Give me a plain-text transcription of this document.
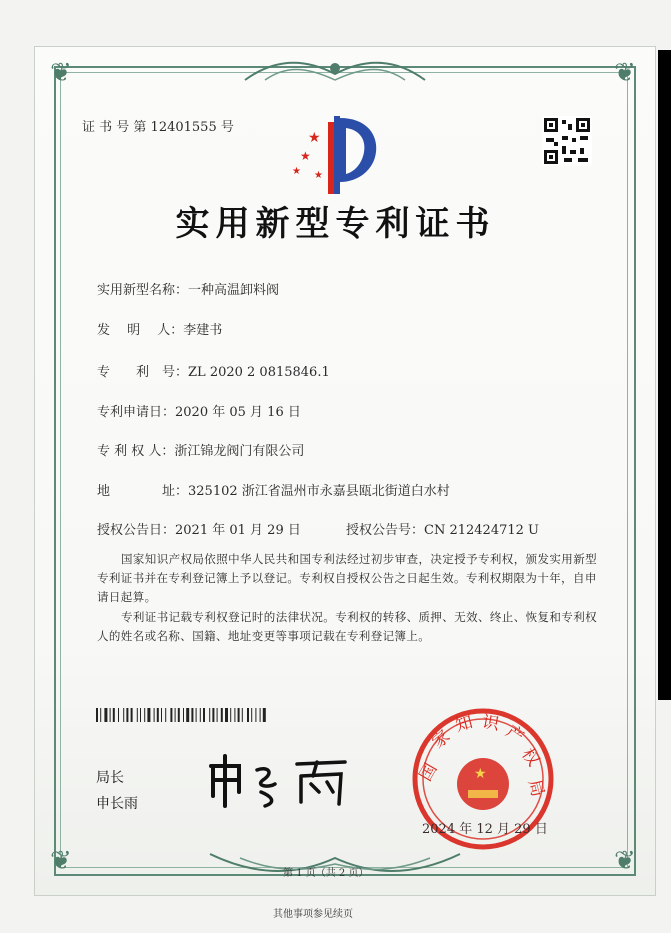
❦	❦
❦	❦
证 书 号 第 12401555 号
★
★
★ ★
实用新型专利证书
实用新型名称：一种高温卸料阀
发　 明　 人：李建书
专　　利　号：ZL 2020 2 0815846.1
专利申请日：2020 年 05 月 16 日
专 利 权 人：浙江锦龙阀门有限公司
地　　　　址：325102 浙江省温州市永嘉县瓯北街道白水村
授权公告日：2021 年 01 月 29 日	授权公告号：CN 212424712 U
国家知识产权局依照中华人民共和国专利法经过初步审查，决定授予专利权，颁发实用新型专利证书并在专利登记簿上予以登记。专利权自授权公告之日起生效。专利权期限为十年，自申请日起算。
专利证书记载专利权登记时的法律状况。专利权的转移、质押、无效、终止、恢复和专利权人的姓名或名称、国籍、地址变更等事项记载在专利登记簿上。
局长
申长雨
国
家
知 识 产
权
局
★
2024 年 12 月 29 日
第 1 页（共 2 页）
其他事项参见续页
